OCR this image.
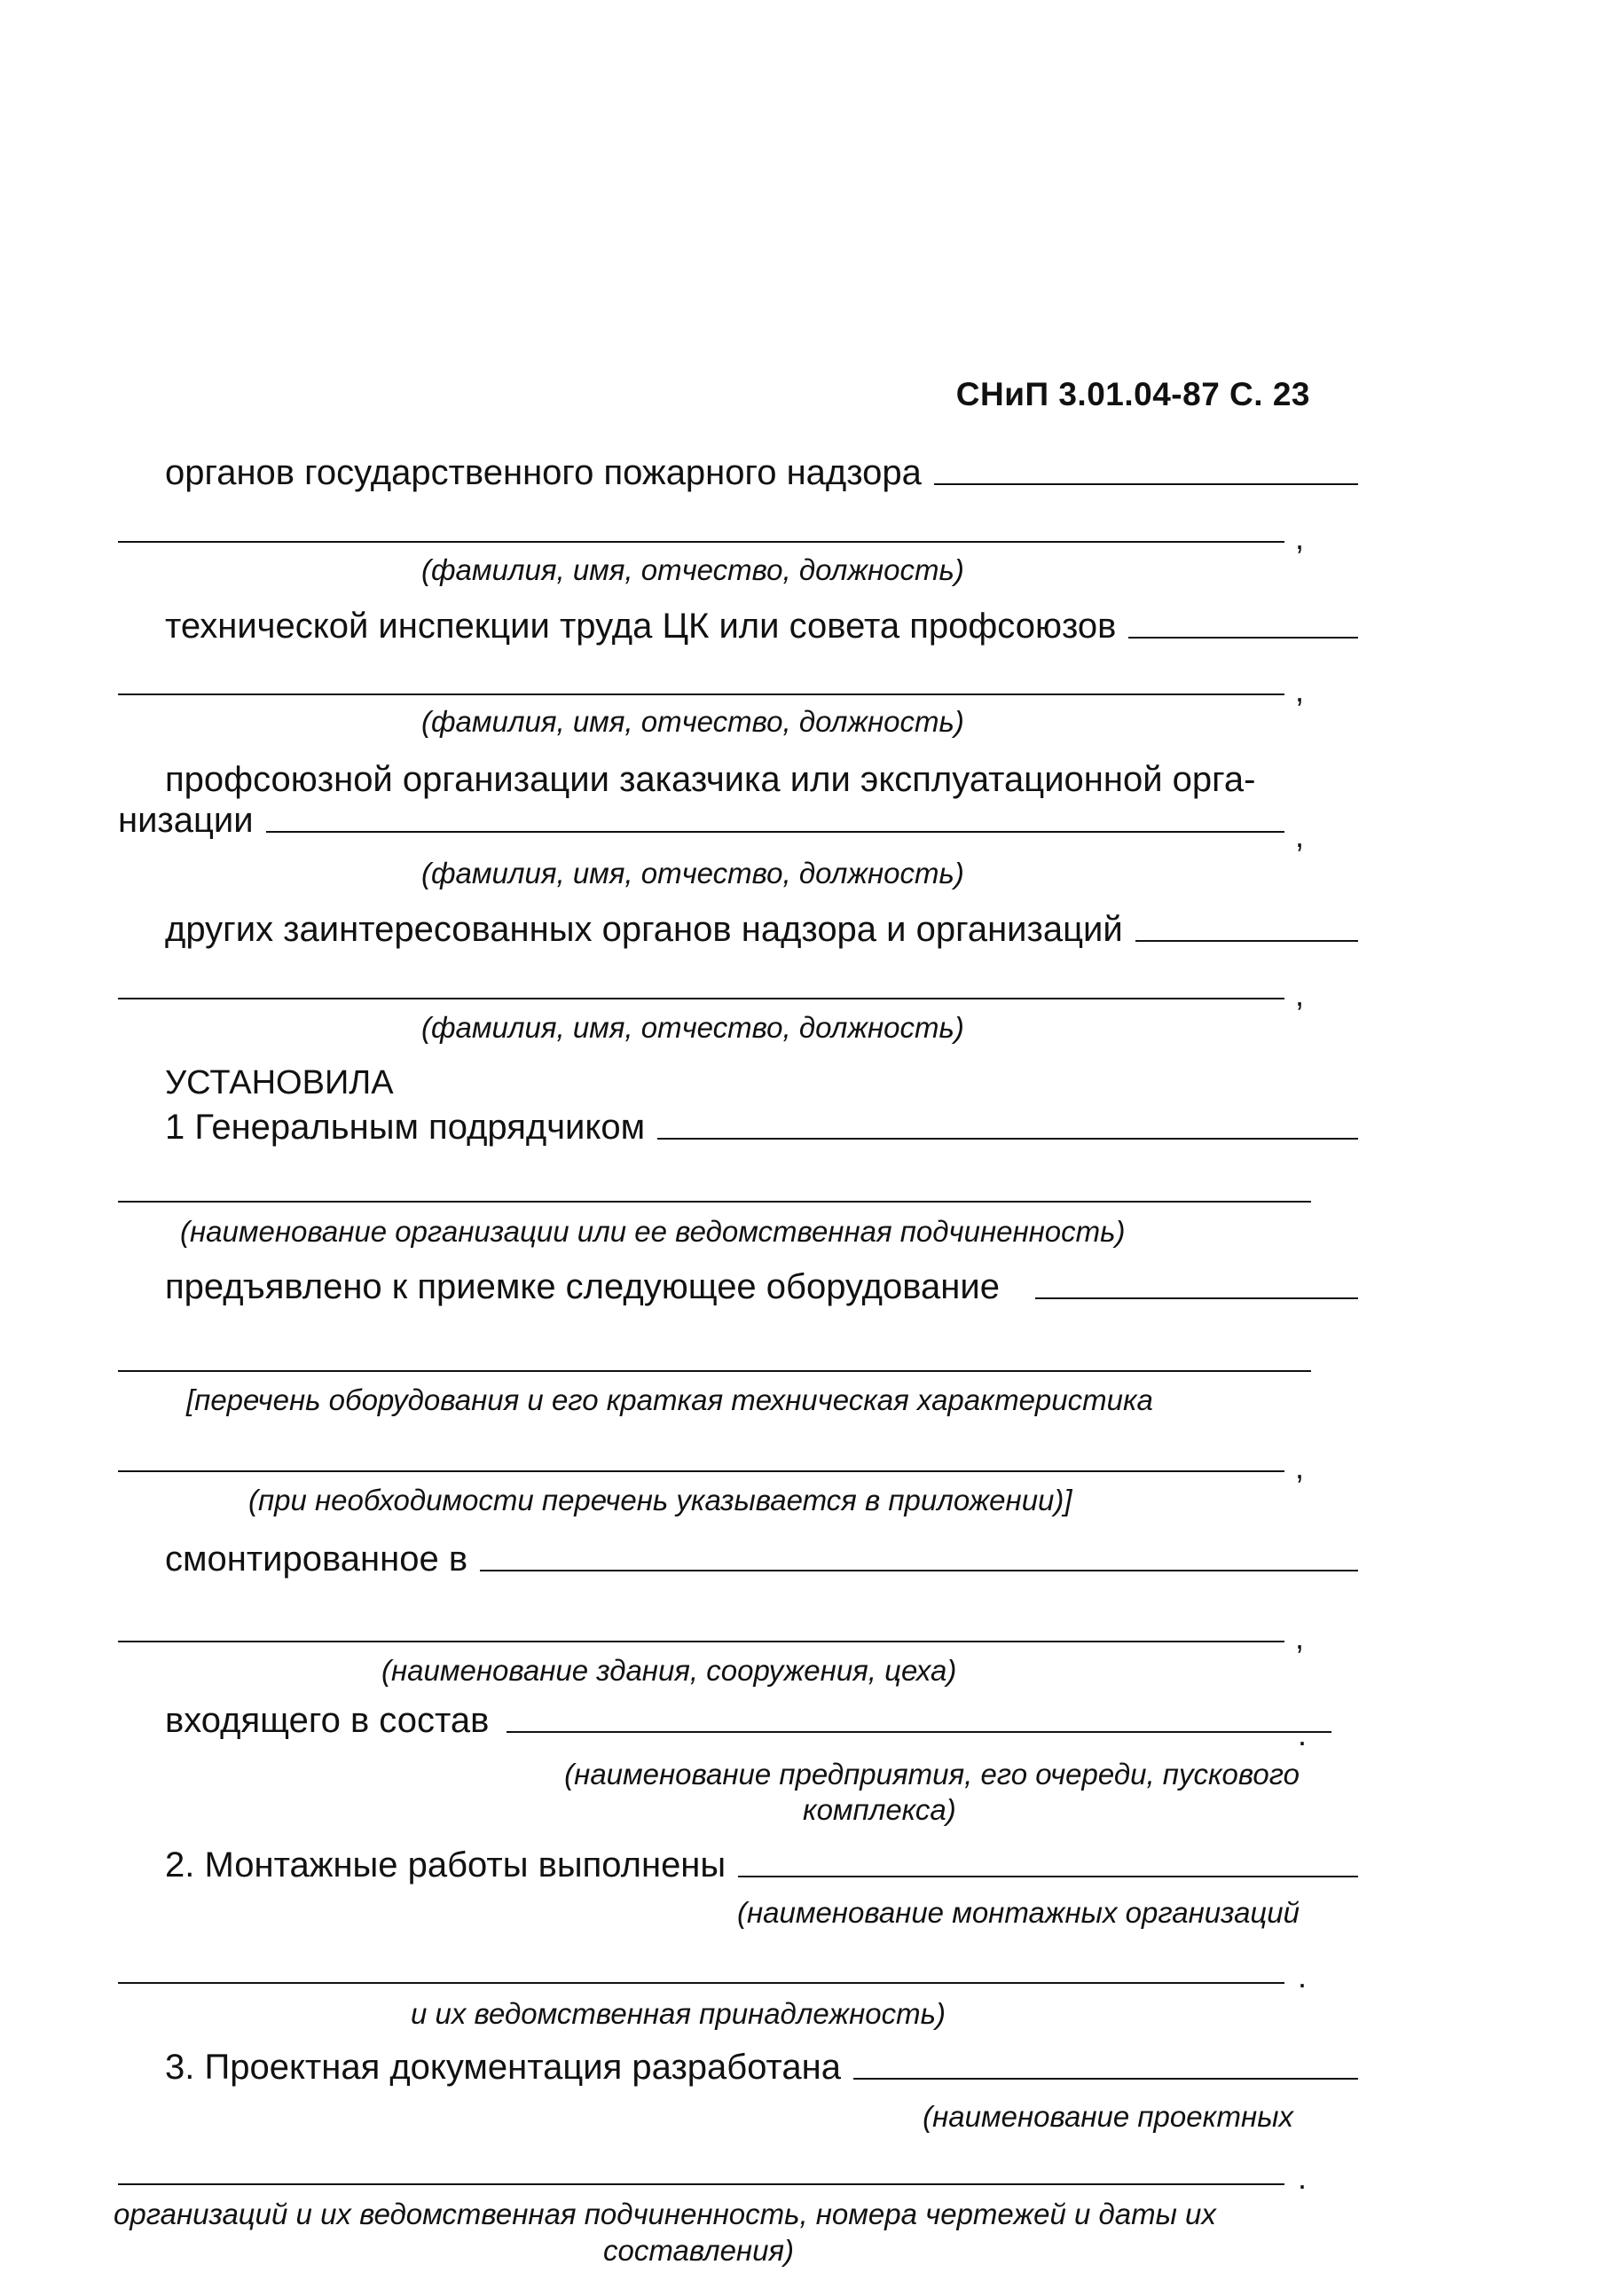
СНиП 3.01.04-87 С. 23
органов государственного пожарного надзора
,
(фамилия, имя, отчество, должность)
технической инспекции труда ЦК или совета профсоюзов
,
(фамилия, имя, отчество, должность)
профсоюзной организации заказчика или эксплуатационной орга-
низации	,
(фамилия, имя, отчество, должность)
других заинтересованных органов надзора и организаций
,
(фамилия, имя, отчество, должность)
УСТАНОВИЛА
1 Генеральным подрядчиком
(наименование организации или ее ведомственная подчиненность)
предъявлено к приемке следующее оборудование
[перечень оборудования и его краткая техническая характеристика
,
(при необходимости перечень указывается в приложении)]
смонтированное в
,
(наименование здания, сооружения, цеха)
входящего в состав	.
(наименование предприятия, его очереди, пускового
комплекса)
2. Монтажные работы выполнены
(наименование монтажных организаций
.
и их ведомственная принадлежность)
3. Проектная документация разработана
(наименование проектных
.
организаций и их ведомственная подчиненность, номера чертежей и даты их
составления)
